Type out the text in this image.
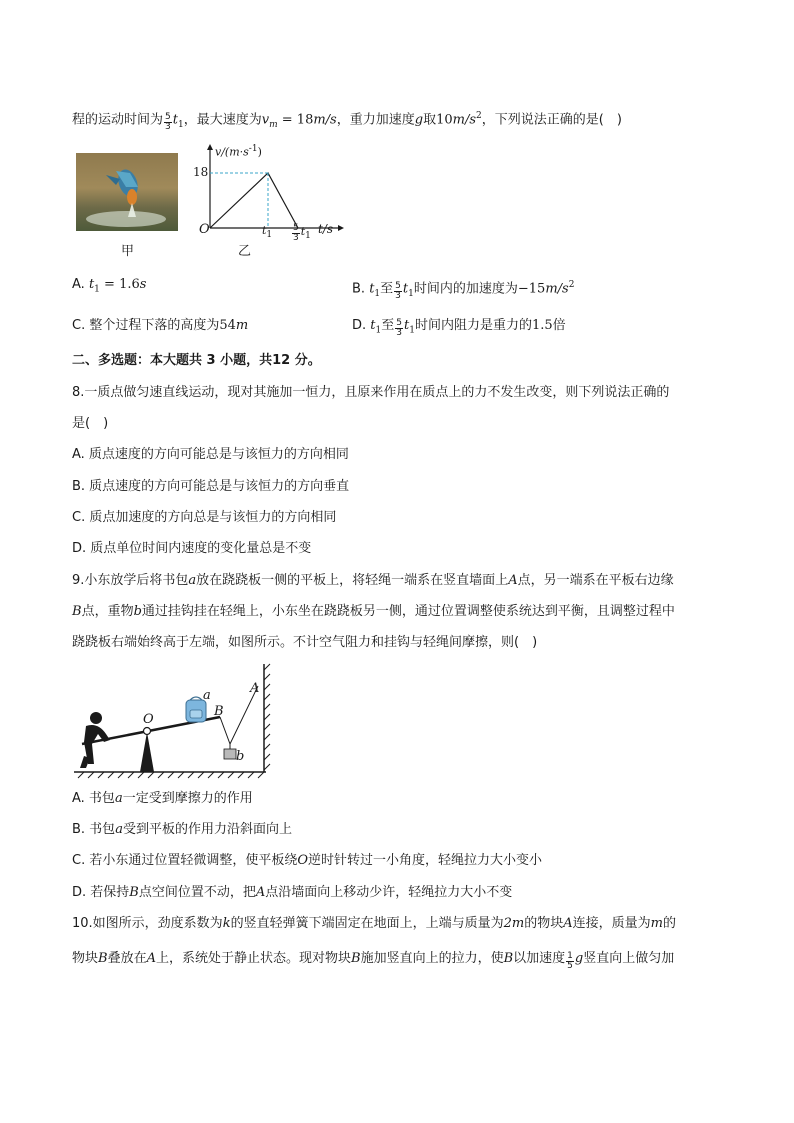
程的运动时间为 $\frac{5}{3} t_1$，最大速度为$v_m = 18m/s$，重力加速度g取$10m/s^2$，下列说法正确的是(　)
甲
$v/(m\cdot s^{-1})$
18
O	$t_1 \frac{5}{3} t_1$
t/s
乙
A. $t_1 = 1.6s$	B. $t_1$至 $\frac{5}{3} t_1$时间内的加速度为$-15m/s^2$
C. 整个过程下落的高度为54m	D. $t_1$至 $\frac{5}{3} t_1$时间内阻力是重力的1.5倍
二、多选题：本大题共 3 小题，共12 分。
8.一质点做匀速直线运动，现对其施加一恒力，且原来作用在质点上的力不发生改变，则下列说法正确的
是(　)
A. 质点速度的方向可能总是与该恒力的方向相同
B. 质点速度的方向可能总是与该恒力的方向垂直
C. 质点加速度的方向总是与该恒力的方向相同
D. 质点单位时间内速度的变化量总是不变
9.小东放学后将书包a放在跷跷板一侧的平板上，将轻绳一端系在竖直墙面上A点，另一端系在平板右边缘
B点，重物b通过挂钩挂在轻绳上，小东坐在跷跷板另一侧，通过位置调整使系统达到平衡，且调整过程中
跷跷板右端始终高于左端，如图所示。不计空气阻力和挂钩与轻绳间摩擦，则(　)
O
a
B
A
b
A. 书包a一定受到摩擦力的作用
B. 书包a受到平板的作用力沿斜面向上
C. 若小东通过位置轻微调整，使平板绕O逆时针转过一小角度，轻绳拉力大小变小
D. 若保持B点空间位置不动，把A点沿墙面向上移动少许，轻绳拉力大小不变
10.如图所示，劲度系数为k的竖直轻弹簧下端固定在地面上，上端与质量为2m的物块A连接，质量为m的
物块B叠放在A上，系统处于静止状态。现对物块B施加竖直向上的拉力，使B以加速度 $\frac{1}{5}$ g竖直向上做匀加
